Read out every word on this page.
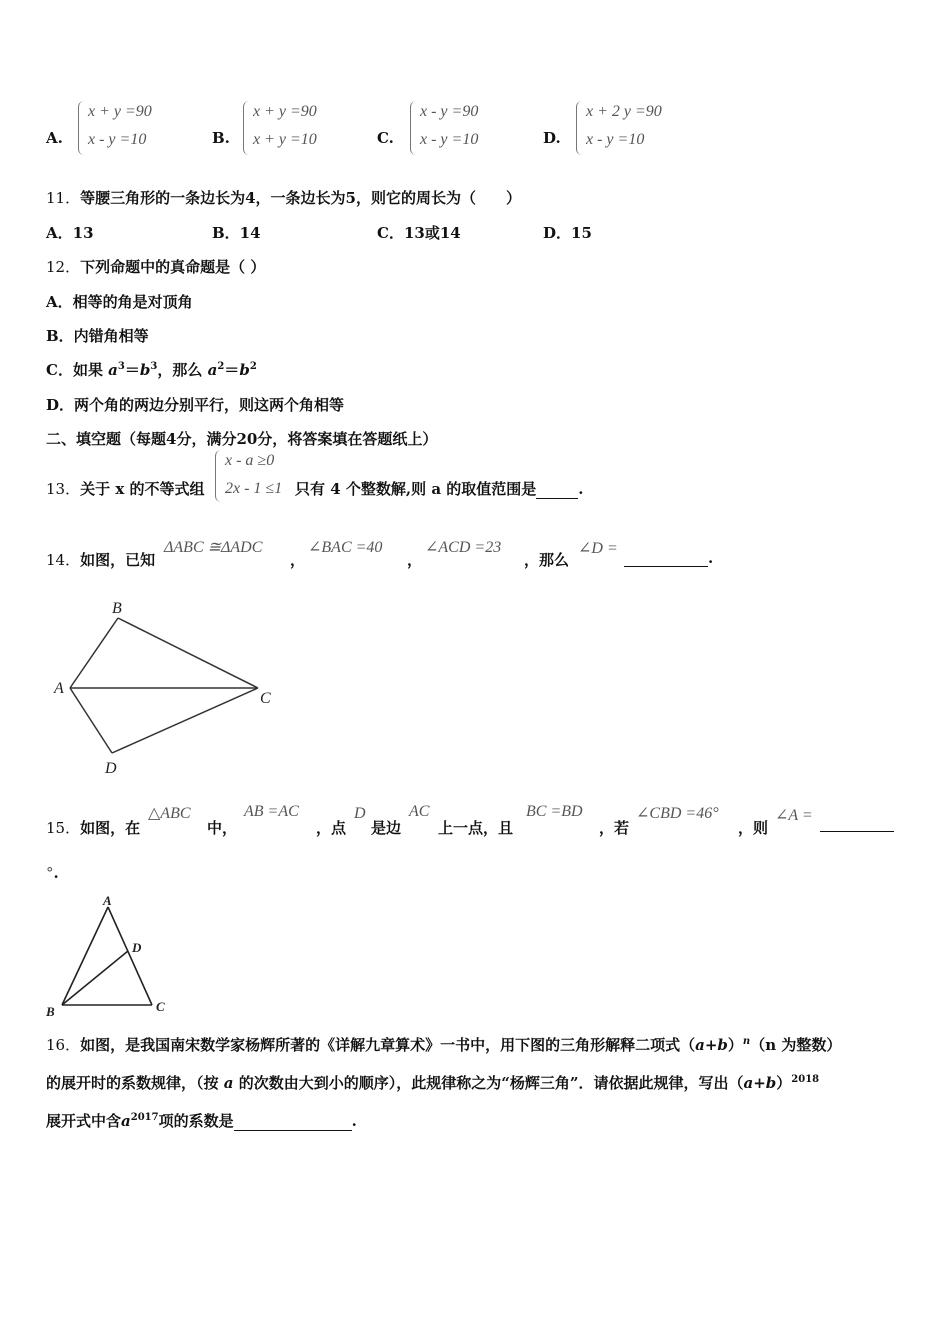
A.
x + y =90
x - y =10	B.
x + y =90
x + y =10	C.
x - y =90
x - y =10	D.
x + 2 y =90
x - y =10
11．等腰三角形的一条边长为4，一条边长为5，则它的周长为（　　）
A．13	B．14	C．13或14	D．15
12．下列命题中的真命题是（ ）
A．相等的角是对顶角
B．内错角相等
C．如果 $a^3=b^3$，那么 $a^2=b^2$
D．两个角的两边分别平行，则这两个角相等
二、填空题（每题4分，满分20分，将答案填在答题纸上）
13．关于 x 的不等式组
x - a ≥0
2x - 1 ≤1 只有 4 个整数解,则 a 的取值范围是	.
14．如图，已知
ΔABC ≅ΔADC
，
∠BAC =40
，
∠ACD =23
，那么
∠D =
.
B
A
C
D
15．如图，在
△ABC
中，
AB =AC
，点
D
是边
AC
上一点，且
BC =BD
，若
∠CBD =46°
，则
∠A =
°.
A
D
B	C
16．如图，是我国南宋数学家杨辉所著的《详解九章算术》一书中，用下图的三角形解释二项式$(a+b)^n(n$ 为整数）
的展开时的系数规律，（按 a 的次数由大到小的顺序），此规律称之为“杨辉三角”．请依据此规律，写出$(a+b)^{2018}$
展开式中含$a^{2017}$项的系数是	.
